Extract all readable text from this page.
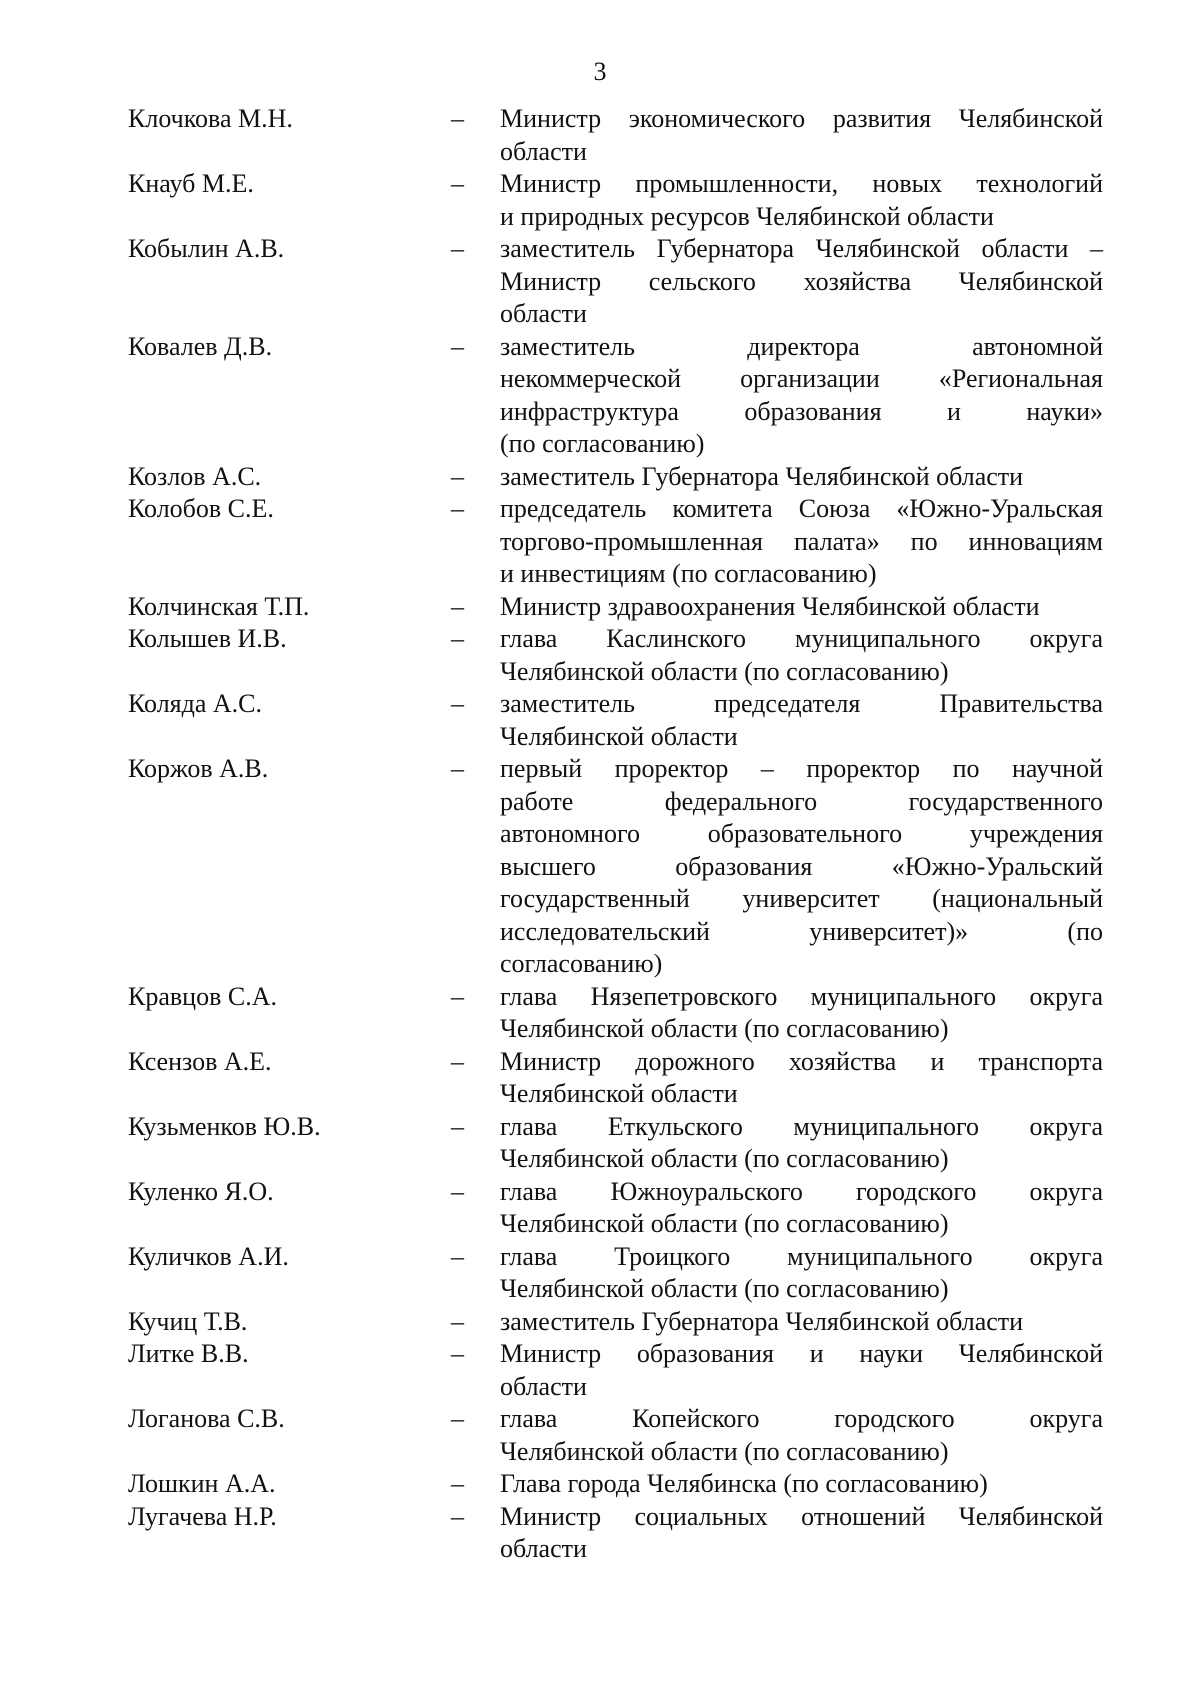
3
Клочкова М.Н.	–	Министр экономического развития Челябинской
области
Кнауб М.Е.	–	Министр промышленности, новых технологий
и природных ресурсов Челябинской области
Кобылин А.В.	–	заместитель Губернатора Челябинской области –
Министр сельского хозяйства Челябинской
области
Ковалев Д.В.	–	заместитель директора автономной
некоммерческой организации «Региональная
инфраструктура образования и науки»
(по согласованию)
Козлов А.С.	–	заместитель Губернатора Челябинской области
Колобов С.Е.	–	председатель комитета Союза «Южно-Уральская
торгово-промышленная палата» по инновациям
и инвестициям (по согласованию)
Колчинская Т.П.	–	Министр здравоохранения Челябинской области
Колышев И.В.	–	глава Каслинского муниципального округа
Челябинской области (по согласованию)
Коляда А.С.	–	заместитель председателя Правительства
Челябинской области
Коржов А.В.	–	первый проректор – проректор по научной
работе федерального государственного
автономного образовательного учреждения
высшего образования «Южно-Уральский
государственный университет (национальный
исследовательский университет)» (по
согласованию)
Кравцов С.А.	–	глава Нязепетровского муниципального округа
Челябинской области (по согласованию)
Ксензов А.Е.	–	Министр дорожного хозяйства и транспорта
Челябинской области
Кузьменков Ю.В.	–	глава Еткульского муниципального округа
Челябинской области (по согласованию)
Куленко Я.О.	–	глава Южноуральского городского округа
Челябинской области (по согласованию)
Куличков А.И.	–	глава Троицкого муниципального округа
Челябинской области (по согласованию)
Кучиц Т.В.	–	заместитель Губернатора Челябинской области
Литке В.В.	–	Министр образования и науки Челябинской
области
Логанова С.В.	–	глава Копейского городского округа
Челябинской области (по согласованию)
Лошкин А.А.	–	Глава города Челябинска (по согласованию)
Лугачева Н.Р.	–	Министр социальных отношений Челябинской
области
